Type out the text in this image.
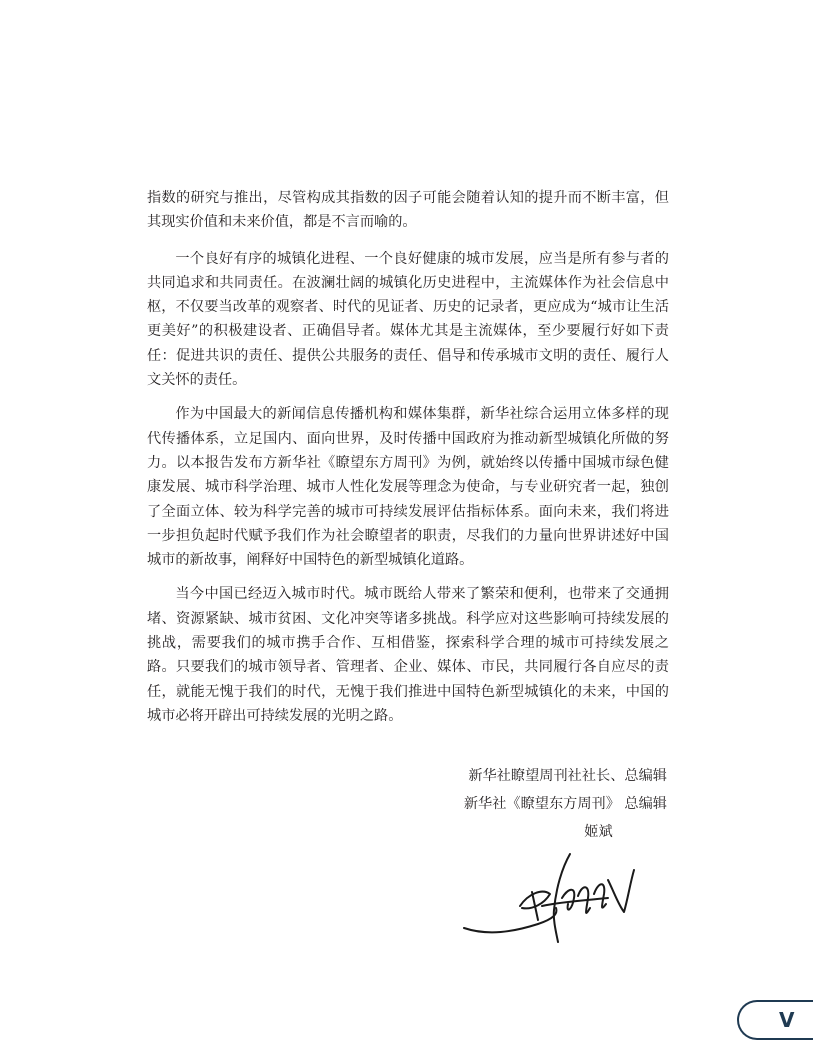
指数的研究与推出，尽管构成其指数的因子可能会随着认知的提升而不断丰富，但其现实价值和未来价值，都是不言而喻的。

一个良好有序的城镇化进程、一个良好健康的城市发展，应当是所有参与者的共同追求和共同责任。在波澜壮阔的城镇化历史进程中，主流媒体作为社会信息中枢，不仅要当改革的观察者、时代的见证者、历史的记录者，更应成为“城市让生活更美好”的积极建设者、正确倡导者。媒体尤其是主流媒体，至少要履行好如下责任：促进共识的责任、提供公共服务的责任、倡导和传承城市文明的责任、履行人文关怀的责任。

作为中国最大的新闻信息传播机构和媒体集群，新华社综合运用立体多样的现代传播体系，立足国内、面向世界，及时传播中国政府为推动新型城镇化所做的努力。以本报告发布方新华社《瞭望东方周刊》为例，就始终以传播中国城市绿色健康发展、城市科学治理、城市人性化发展等理念为使命，与专业研究者一起，独创了全面立体、较为科学完善的城市可持续发展评估指标体系。面向未来，我们将进一步担负起时代赋予我们作为社会瞭望者的职责，尽我们的力量向世界讲述好中国城市的新故事，阐释好中国特色的新型城镇化道路。

当今中国已经迈入城市时代。城市既给人带来了繁荣和便利，也带来了交通拥堵、资源紧缺、城市贫困、文化冲突等诸多挑战。科学应对这些影响可持续发展的挑战，需要我们的城市携手合作、互相借鉴，探索科学合理的城市可持续发展之路。只要我们的城市领导者、管理者、企业、媒体、市民，共同履行各自应尽的责任，就能无愧于我们的时代，无愧于我们推进中国特色新型城镇化的未来，中国的城市必将开辟出可持续发展的光明之路。

新华社瞭望周刊社社长、总编辑
新华社《瞭望东方周刊》 总编辑
姬斌
V
